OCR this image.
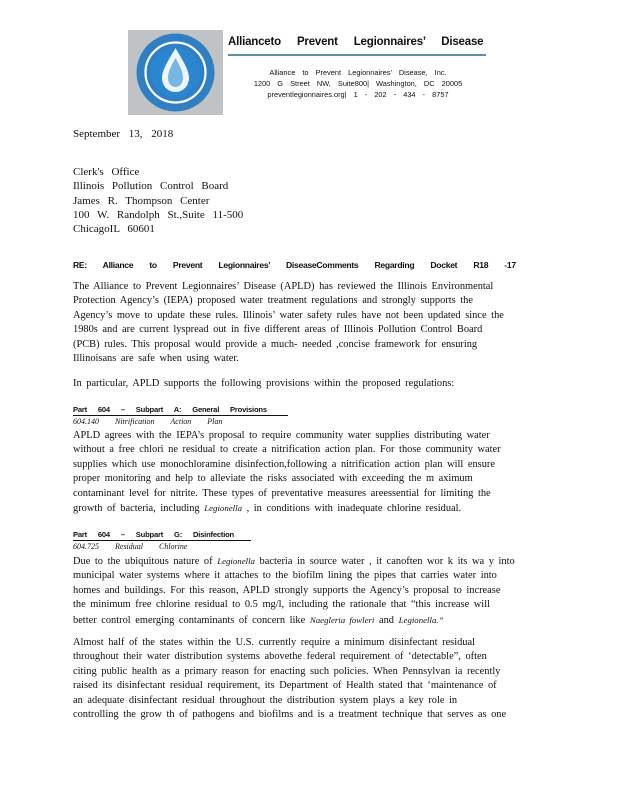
Allianceto Prevent Legionnaires’ Disease
Alliance to Prevent Legionnaires’ Disease, Inc.
1200 G Street NW, Suite800| Washington, DC 20005
preventlegionnaires.org| 1 - 202 - 434 - 8757
September 13, 2018
Clerk's Office
Illinois Pollution Control Board
James R. Thompson Center
100 W. Randolph St.,Suite 11-500
ChicagoIL 60601
RE: Alliance to Prevent Legionnaires’ DiseaseComments Regarding Docket R18 -17
The Alliance to Prevent Legionnaires’ Disease (APLD) has reviewed the Illinois Environmental
Protection Agency’s (IEPA) proposed water treatment regulations and strongly supports the
Agency’s move to update these rules. Illinois’ water safety rules have not been updated since the
1980s and are current lyspread out in five different areas of Illinois Pollution Control Board
(PCB) rules. This proposal would provide a much- needed ,concise framework for ensuring
Illinoisans are safe when using water.
In particular, APLD supports the following provisions within the proposed regulations:
Part 604 – Subpart A: General Provisions
604.140 Nitrification Action Plan
APLD agrees with the IEPA’s proposal to require community water supplies distributing water
without a free chlori ne residual to create a nitrification action plan. For those community water
supplies which use monochloramine disinfection,following a nitrification action plan will ensure
proper monitoring and help to alleviate the risks associated with exceeding the m aximum
contaminant level for nitrite. These types of preventative measures areessential for limiting the
growth of bacteria, including Legionella , in conditions with inadequate chlorine residual.
Part 604 – Subpart G: Disinfection
604.725 Residual Chlorine
Due to the ubiquitous nature of Legionella bacteria in source water , it canoften wor k its wa y into
municipal water systems where it attaches to the biofilm lining the pipes that carries water into
homes and buildings. For this reason, APLD strongly supports the Agency’s proposal to increase
the minimum free chlorine residual to 0.5 mg/l, including the rationale that “this increase will
better control emerging contaminants of concern like Naegleria fowleri and Legionella.”
Almost half of the states within the U.S. currently require a minimum disinfectant residual
throughout their water distribution systems abovethe federal requirement of ‘detectable”, often
citing public health as a primary reason for enacting such policies. When Pennsylvan ia recently
raised its disinfectant residual requirement, its Department of Health stated that ‘maintenance of
an adequate disinfectant residual throughout the distribution system plays a key role in
controlling the grow th of pathogens and biofilms and is a treatment technique that serves as one
